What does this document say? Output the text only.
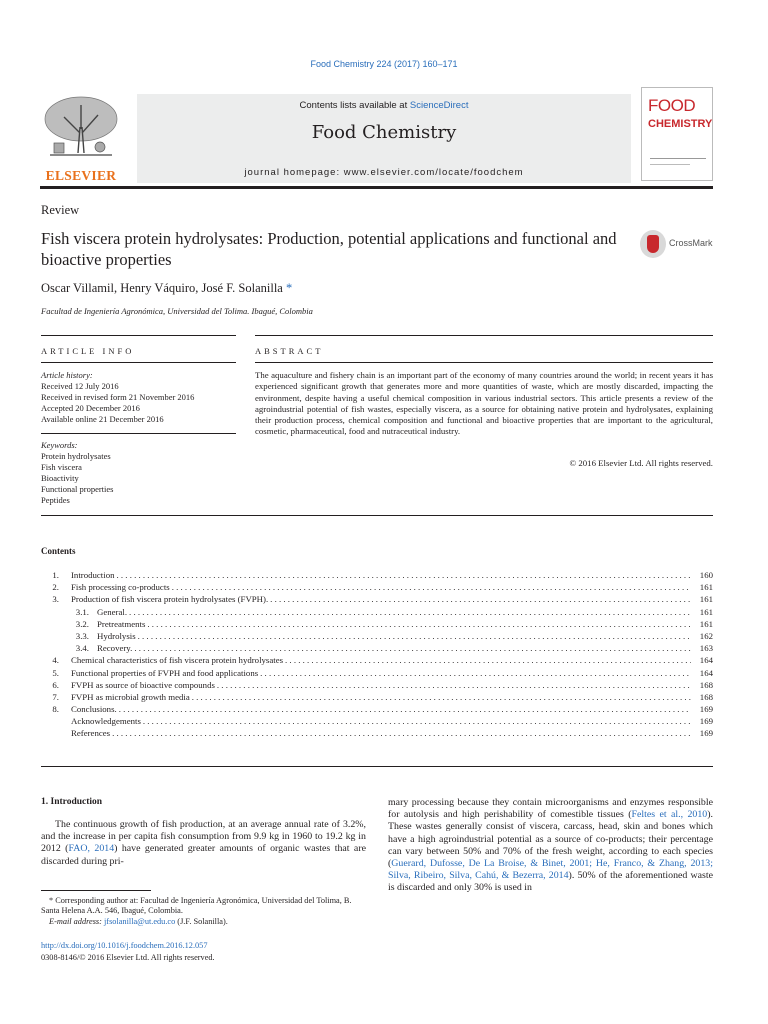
Food Chemistry 224 (2017) 160–171
ELSEVIER
Contents lists available at ScienceDirect
Food Chemistry
journal homepage: www.elsevier.com/locate/foodchem
FOOD
CHEMISTRY
Review
Fish viscera protein hydrolysates: Production, potential applications and functional and bioactive properties
CrossMark
Oscar Villamil, Henry Váquiro, José F. Solanilla *
Facultad de Ingeniería Agronómica, Universidad del Tolima. Ibagué, Colombia
ARTICLE INFO	ABSTRACT
Article history:
Received 12 July 2016
Received in revised form 21 November 2016
Accepted 20 December 2016
Available online 21 December 2016
Keywords:
Protein hydrolysates
Fish viscera
Bioactivity
Functional properties
Peptides
The aquaculture and fishery chain is an important part of the economy of many countries around the world; in recent years it has experienced significant growth that generates more and more quantities of waste, which are mostly discarded, impacting the environment, despite having a useful chemical composition in various industrial sectors. This article presents a review of the agroindustrial potential of fish wastes, especially viscera, as a source for obtaining native protein and hydrolysates, explaining their production process, chemical composition and functional and bioactive properties that are important to the agricultural, cosmetic, pharmaceutical, food and nutraceutical industry.
© 2016 Elsevier Ltd. All rights reserved.
Contents
1.	Introduction . . .	160
2.	Fish processing co-products . . .	161
3.	Production of fish viscera protein hydrolysates (FVPH). . . .	161
3.1. General. . . .	161
3.2. Pretreatments . . .	161
3.3. Hydrolysis . . .	162
3.4. Recovery. . . .	163
4.	Chemical characteristics of fish viscera protein hydrolysates . . .	164
5.	Functional properties of FVPH and food applications . . .	164
6.	FVPH as source of bioactive compounds . . .	168
7.	FVPH as microbial growth media . . .	168
8.	Conclusions. . . .	169
Acknowledgements . . .	169
References . . .	169
1. Introduction
The continuous growth of fish production, at an average annual rate of 3.2%, and the increase in per capita fish consumption from 9.9 kg in 1960 to 19.2 kg in 2012 (FAO, 2014) have generated greater amounts of organic wastes that are discarded during pri-
mary processing because they contain microorganisms and enzymes responsible for autolysis and high perishability of comestible tissues (Feltes et al., 2010). These wastes generally consist of viscera, carcass, head, skin and bones which have a high agroindustrial potential as a source of co-products; their percentage can vary between 50% and 70% of the fresh weight, according to each species (Guerard, Dufosse, De La Broise, & Binet, 2001; He, Franco, & Zhang, 2013; Silva, Ribeiro, Silva, Cahú, & Bezerra, 2014). 50% of the aforementioned waste is discarded and only 30% is used in
* Corresponding author at: Facultad de Ingeniería Agronómica, Universidad del Tolima, B. Santa Helena A.A. 546, Ibagué, Colombia.
E-mail address: jfsolanilla@ut.edu.co (J.F. Solanilla).
http://dx.doi.org/10.1016/j.foodchem.2016.12.057
0308-8146/© 2016 Elsevier Ltd. All rights reserved.
